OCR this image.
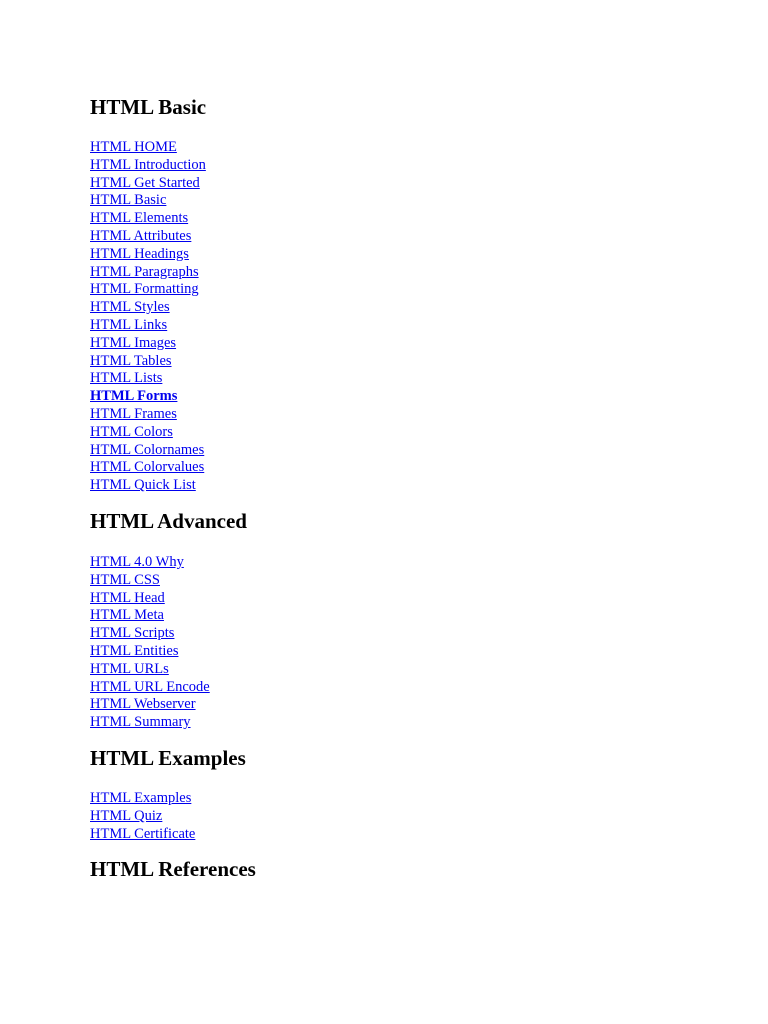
HTML Basic
HTML HOME
HTML Introduction
HTML Get Started
HTML Basic
HTML Elements
HTML Attributes
HTML Headings
HTML Paragraphs
HTML Formatting
HTML Styles
HTML Links
HTML Images
HTML Tables
HTML Lists
HTML Forms
HTML Frames
HTML Colors
HTML Colornames
HTML Colorvalues
HTML Quick List
HTML Advanced
HTML 4.0 Why
HTML CSS
HTML Head
HTML Meta
HTML Scripts
HTML Entities
HTML URLs
HTML URL Encode
HTML Webserver
HTML Summary
HTML Examples
HTML Examples
HTML Quiz
HTML Certificate
HTML References
